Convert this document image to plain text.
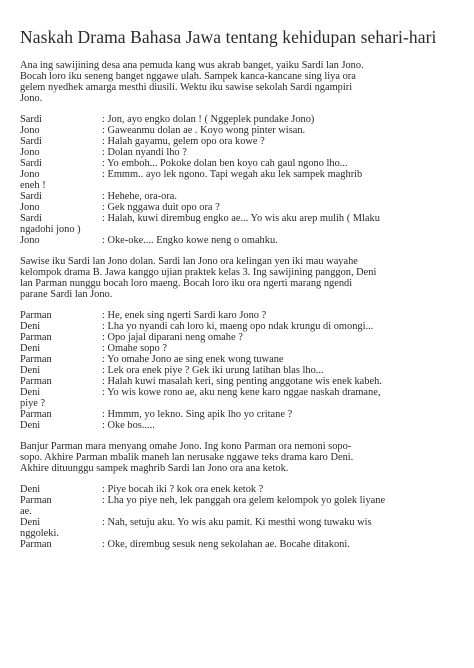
Naskah Drama Bahasa Jawa tentang kehidupan sehari-hari
Ana ing sawijining desa ana pemuda kang wus akrab banget, yaiku Sardi lan Jono.
Bocah loro iku seneng banget nggawe ulah. Sampek kanca-kancane sing liya ora
gelem nyedhek amarga mesthi diusili. Wektu iku sawise sekolah Sardi ngampiri
Jono.
Sardi	: Jon, ayo engko dolan ! ( Nggeplek pundake Jono)
Jono	: Gaweanmu dolan ae . Koyo wong pinter wisan.
Sardi	: Halah gayamu, gelem opo ora kowe ?
Jono	: Dolan nyandi lho ?
Sardi	: Yo emboh... Pokoke dolan ben koyo cah gaul ngono lho...
Jono	: Emmm.. ayo lek ngono. Tapi wegah aku lek sampek maghrib
eneh !
Sardi	: Hehehe, ora-ora.
Jono	: Gek nggawa duit opo ora ?
Sardi	: Halah, kuwi dirembug engko ae... Yo wis aku arep mulih ( Mlaku
ngadohi jono )
Jono	: Oke-oke.... Engko kowe neng o omahku.
Sawise iku Sardi lan Jono dolan. Sardi lan Jono ora kelingan yen iki mau wayahe
kelompok drama B. Jawa kanggo ujian praktek kelas 3. Ing sawijining panggon, Deni
lan Parman nunggu bocah loro maeng. Bocah loro iku ora ngerti marang ngendi
parane Sardi lan Jono.
Parman	: He, enek sing ngerti Sardi karo Jono ?
Deni	: Lha yo nyandi cah loro ki, maeng opo ndak krungu di omongi...
Parman	: Opo jajal diparani neng omahe ?
Deni	: Omahe sopo ?
Parman	: Yo omahe Jono ae sing enek wong tuwane
Deni	: Lek ora enek piye ? Gek iki urung latihan blas lho...
Parman	: Halah kuwi masalah keri, sing penting anggotane wis enek kabeh.
Deni	: Yo wis kowe rono ae, aku neng kene karo nggae naskah dramane,
piye ?
Parman	: Hmmm, yo lekno. Sing apik lho yo critane ?
Deni	: Oke bos.....
Banjur Parman mara menyang omahe Jono. Ing kono Parman ora nemoni sopo-
sopo. Akhire Parman mbalik maneh lan nerusake nggawe teks drama karo Deni.
Akhire dituunggu sampek maghrib Sardi lan Jono ora ana ketok.
Deni	: Piye bocah iki ? kok ora enek ketok ?
Parman	: Lha yo piye neh, lek panggah ora gelem kelompok yo golek liyane
ae.
Deni	: Nah, setuju aku. Yo wis aku pamit. Ki mesthi wong tuwaku wis
nggoleki.
Parman	: Oke, dirembug sesuk neng sekolahan ae. Bocahe ditakoni.
